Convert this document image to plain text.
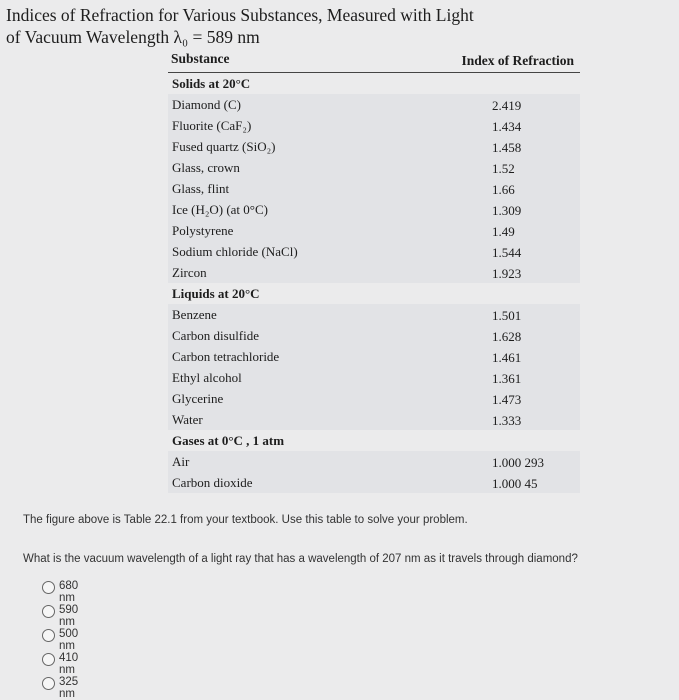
Indices of Refraction for Various Substances, Measured with Light of Vacuum Wavelength λ₀ = 589 nm
Substance	Index of Refraction
Solids at 20°C
Diamond (C)	2.419
Fluorite (CaF₂)	1.434
Fused quartz (SiO₂)	1.458
Glass, crown	1.52
Glass, flint	1.66
Ice (H₂O) (at 0°C)	1.309
Polystyrene	1.49
Sodium chloride (NaCl)	1.544
Zircon	1.923
Liquids at 20°C
Benzene	1.501
Carbon disulfide	1.628
Carbon tetrachloride	1.461
Ethyl alcohol	1.361
Glycerine	1.473
Water	1.333
Gases at 0°C , 1 atm
Air	1.000 293
Carbon dioxide	1.000 45

The figure above is Table 22.1 from your textbook. Use this table to solve your problem.

What is the vacuum wavelength of a light ray that has a wavelength of 207 nm as it travels through diamond?

680 nm
590 nm
500 nm
410 nm
325 nm
